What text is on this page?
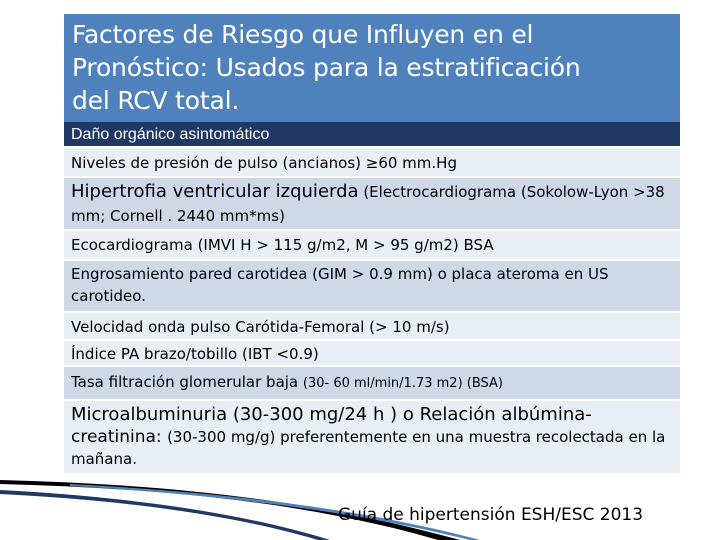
Factores de Riesgo que Influyen en el
Pronóstico: Usados para la estratificación
del RCV total.
Daño orgánico asintomático
Niveles de presión de pulso (ancianos) ≥60 mm.Hg
Hipertrofia ventricular izquierda (Electrocardiograma (Sokolow-Lyon >38 mm; Cornell . 2440 mm*ms)
Ecocardiograma (IMVI H > 115 g/m2, M > 95 g/m2) BSA
Engrosamiento pared carotidea (GIM > 0.9 mm) o placa ateroma en US carotideo.
Velocidad onda pulso Carótida-Femoral (> 10 m/s)
Índice PA brazo/tobillo (IBT <0.9)
Tasa filtración glomerular baja (30- 60 ml/min/1.73 m2) (BSA)
Microalbuminuria (30-300 mg/24 h ) o Relación albúmina- creatinina: (30-300 mg/g) preferentemente en una muestra recolectada en la mañana.
Guía de hipertensión ESH/ESC 2013
